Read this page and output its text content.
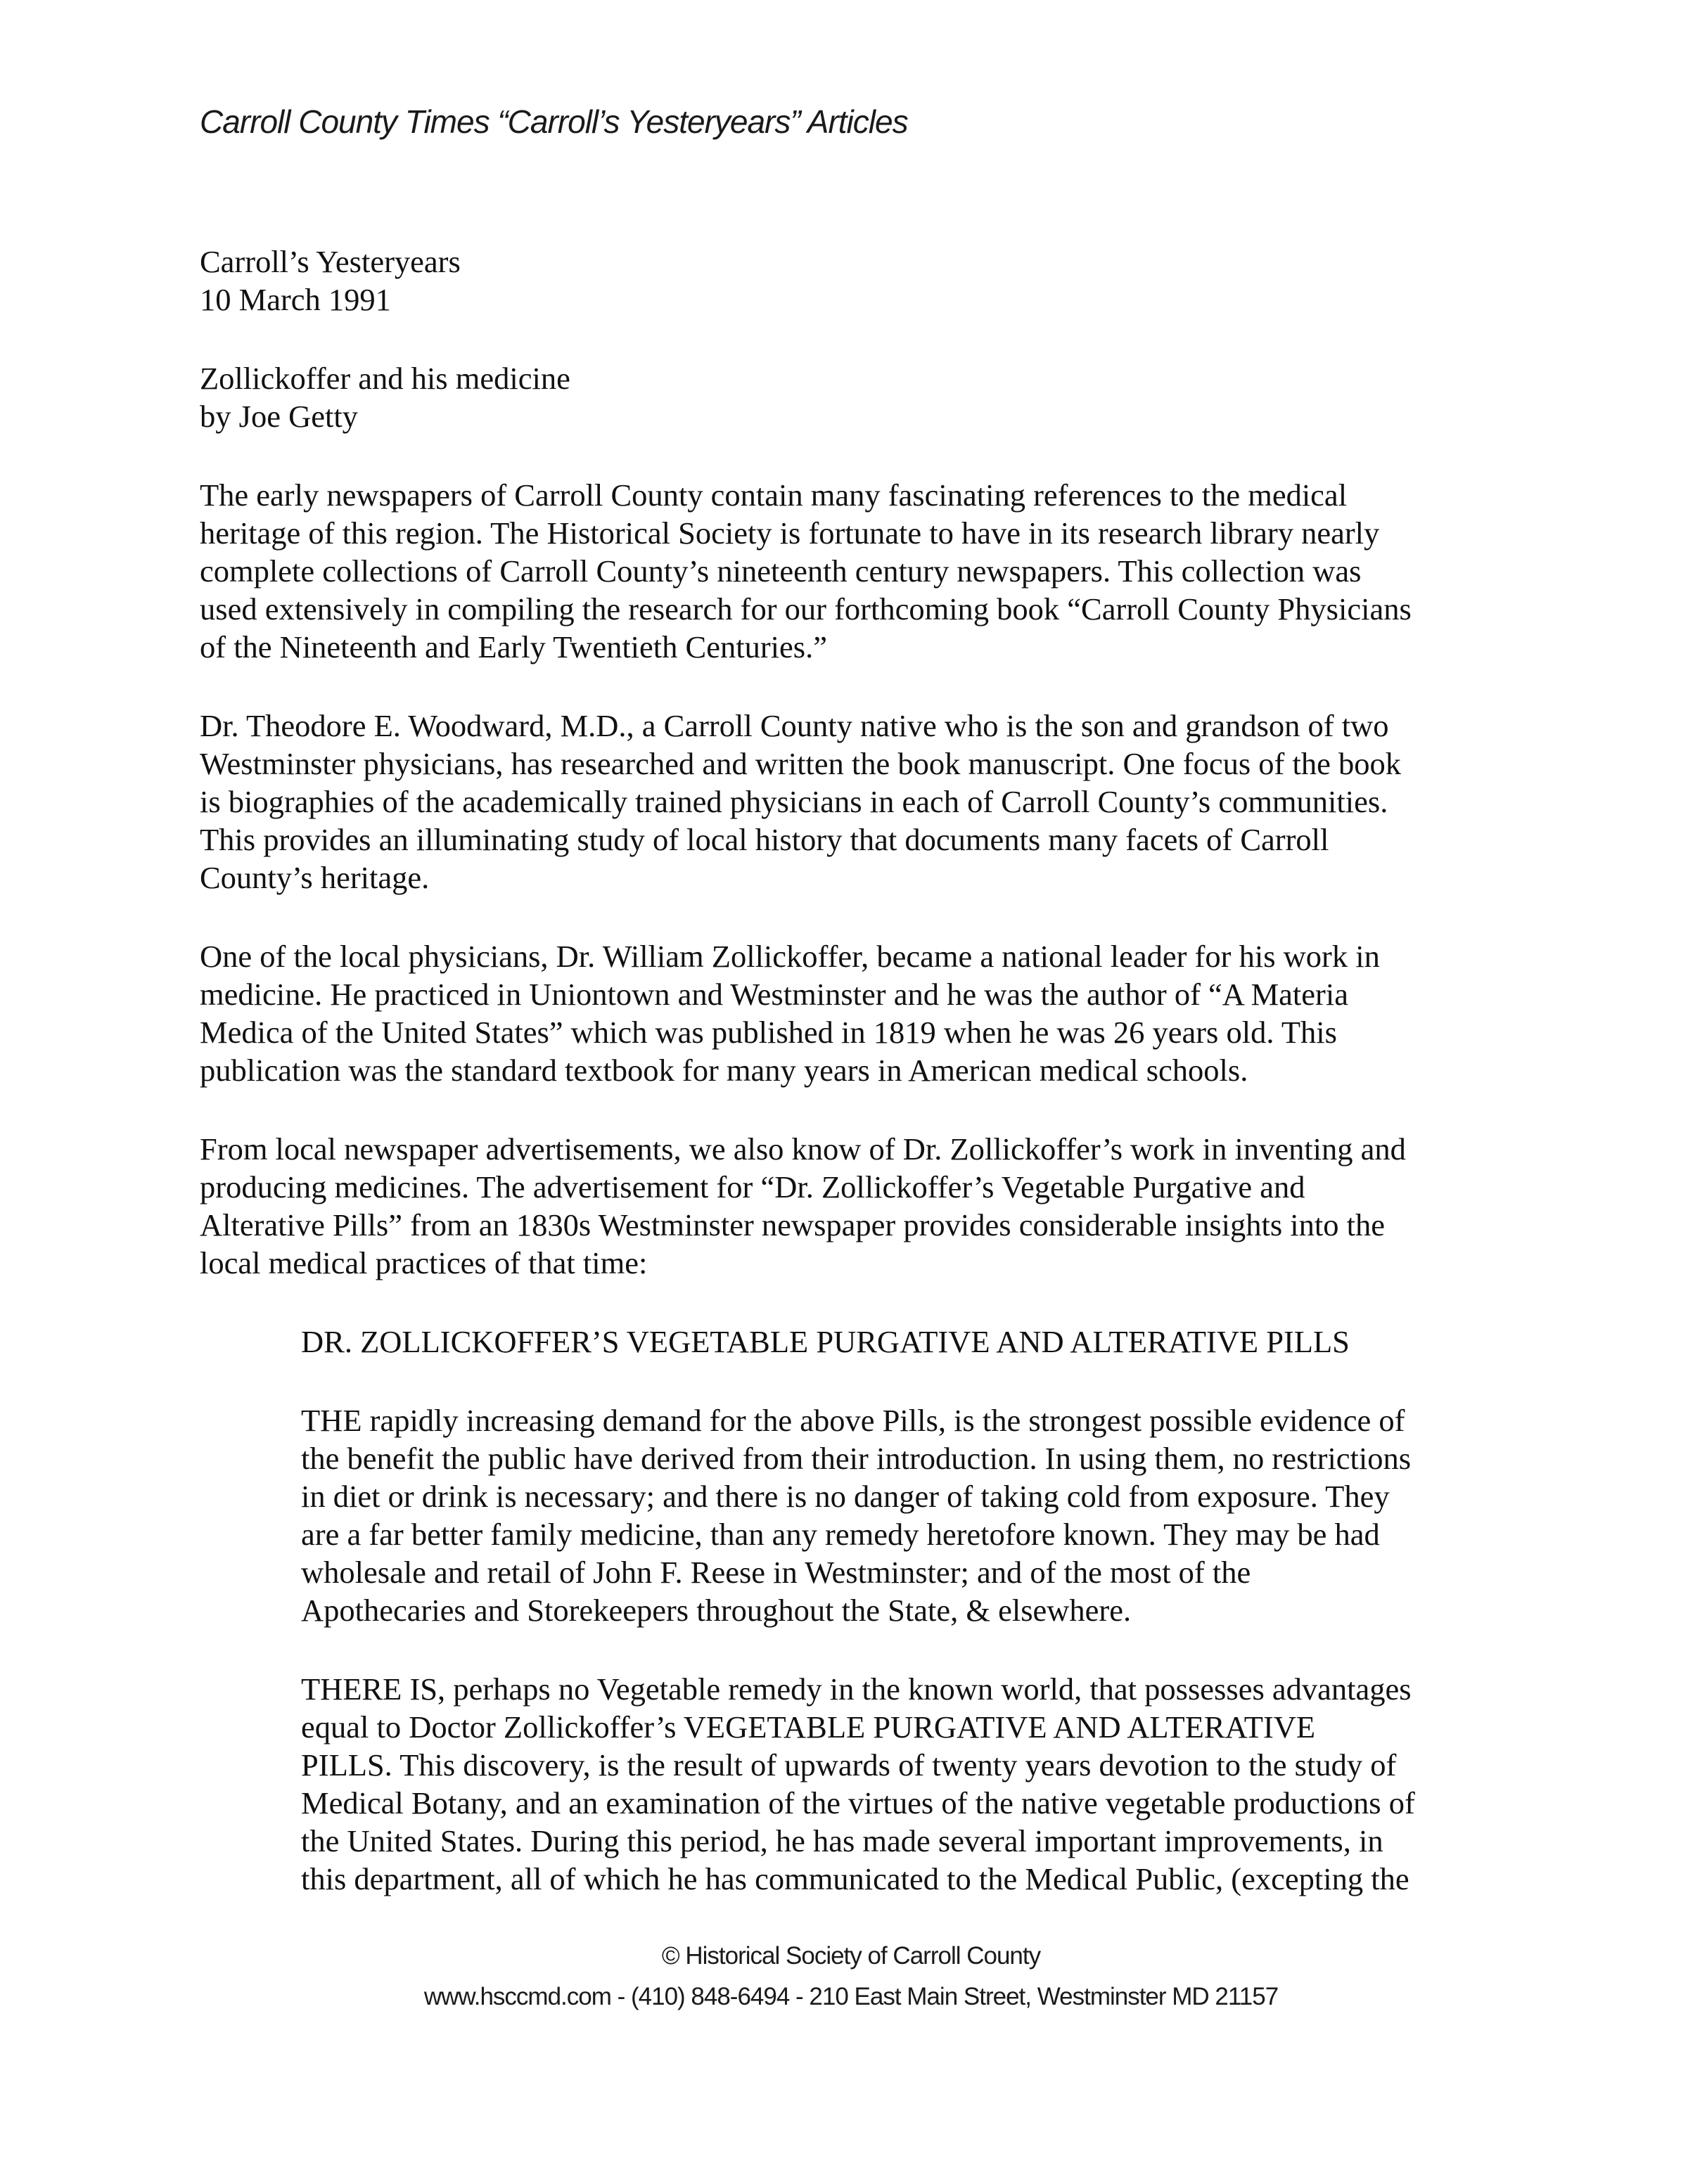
Carroll County Times “Carroll’s Yesteryears” Articles
Carroll’s Yesteryears
10 March 1991
Zollickoffer and his medicine
by Joe Getty
The early newspapers of Carroll County contain many fascinating references to the medical
heritage of this region. The Historical Society is fortunate to have in its research library nearly
complete collections of Carroll County’s nineteenth century newspapers. This collection was
used extensively in compiling the research for our forthcoming book “Carroll County Physicians
of the Nineteenth and Early Twentieth Centuries.”
Dr. Theodore E. Woodward, M.D., a Carroll County native who is the son and grandson of two
Westminster physicians, has researched and written the book manuscript. One focus of the book
is biographies of the academically trained physicians in each of Carroll County’s communities.
This provides an illuminating study of local history that documents many facets of Carroll
County’s heritage.
One of the local physicians, Dr. William Zollickoffer, became a national leader for his work in
medicine. He practiced in Uniontown and Westminster and he was the author of “A Materia
Medica of the United States” which was published in 1819 when he was 26 years old. This
publication was the standard textbook for many years in American medical schools.
From local newspaper advertisements, we also know of Dr. Zollickoffer’s work in inventing and
producing medicines. The advertisement for “Dr. Zollickoffer’s Vegetable Purgative and
Alterative Pills” from an 1830s Westminster newspaper provides considerable insights into the
local medical practices of that time:
DR. ZOLLICKOFFER’S VEGETABLE PURGATIVE AND ALTERATIVE PILLS
THE rapidly increasing demand for the above Pills, is the strongest possible evidence of
the benefit the public have derived from their introduction. In using them, no restrictions
in diet or drink is necessary; and there is no danger of taking cold from exposure. They
are a far better family medicine, than any remedy heretofore known. They may be had
wholesale and retail of John F. Reese in Westminster; and of the most of the
Apothecaries and Storekeepers throughout the State, & elsewhere.
THERE IS, perhaps no Vegetable remedy in the known world, that possesses advantages
equal to Doctor Zollickoffer’s VEGETABLE PURGATIVE AND ALTERATIVE
PILLS. This discovery, is the result of upwards of twenty years devotion to the study of
Medical Botany, and an examination of the virtues of the native vegetable productions of
the United States. During this period, he has made several important improvements, in
this department, all of which he has communicated to the Medical Public, (excepting the
© Historical Society of Carroll County
www.hsccmd.com - (410) 848-6494 - 210 East Main Street, Westminster MD 21157
